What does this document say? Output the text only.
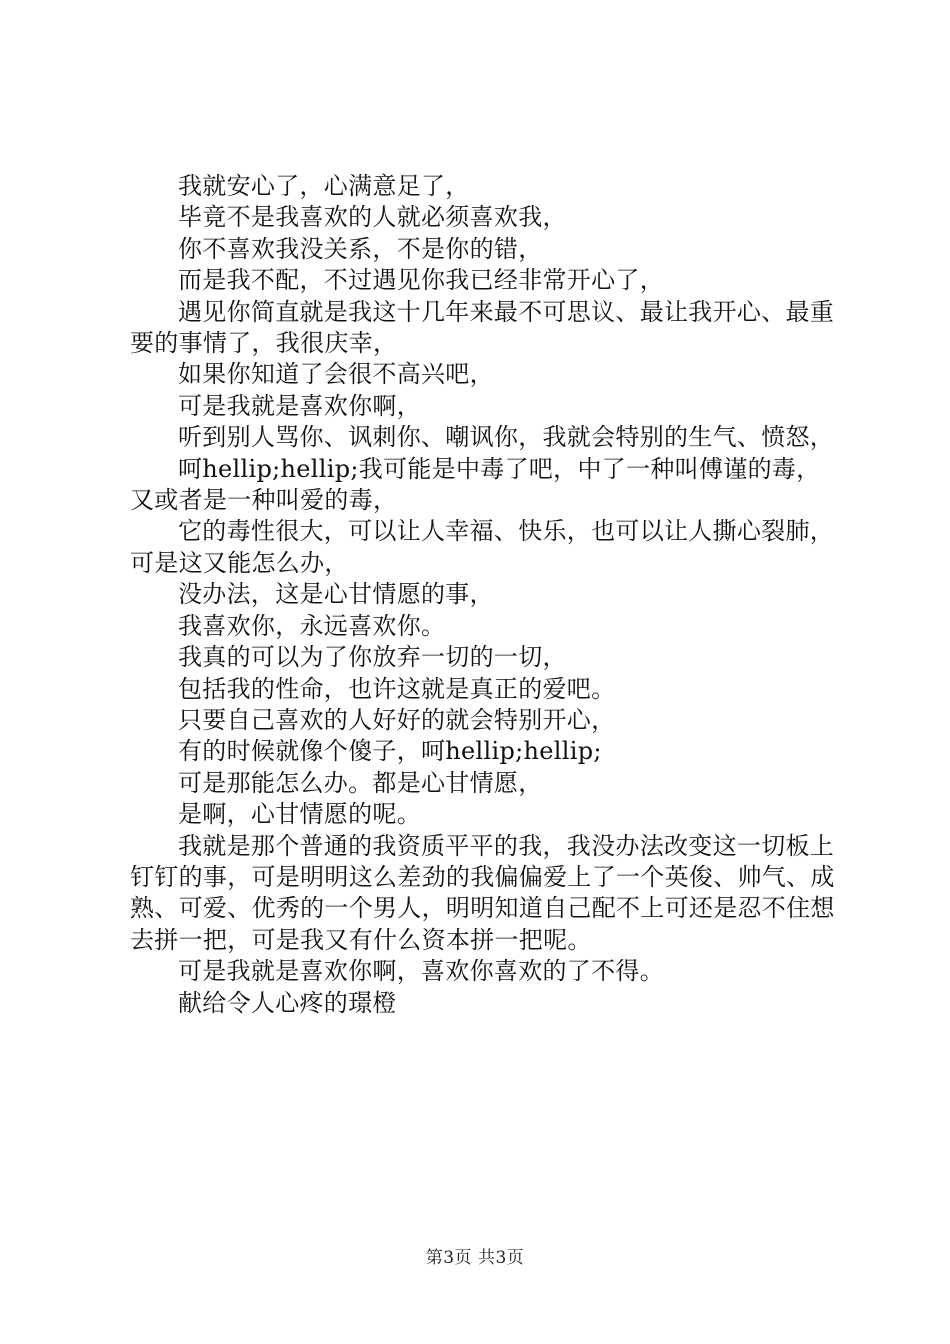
我就安心了，心满意足了，

毕竟不是我喜欢的人就必须喜欢我，

你不喜欢我没关系，不是你的错，

而是我不配，不过遇见你我已经非常开心了，

遇见你简直就是我这十几年来最不可思议、最让我开心、最重要的事情了，我很庆幸，

如果你知道了会很不高兴吧，

可是我就是喜欢你啊，

听到别人骂你、讽刺你、嘲讽你，我就会特别的生气、愤怒，

呵hellip;hellip;我可能是中毒了吧，中了一种叫傅谨的毒，又或者是一种叫爱的毒，

它的毒性很大，可以让人幸福、快乐，也可以让人撕心裂肺，可是这又能怎么办，

没办法，这是心甘情愿的事，

我喜欢你，永远喜欢你。

我真的可以为了你放弃一切的一切，

包括我的性命，也许这就是真正的爱吧。

只要自己喜欢的人好好的就会特别开心，

有的时候就像个傻子，呵hellip;hellip;

可是那能怎么办。都是心甘情愿，

是啊，心甘情愿的呢。

我就是那个普通的我资质平平的我，我没办法改变这一切板上钉钉的事，可是明明这么差劲的我偏偏爱上了一个英俊、帅气、成熟、可爱、优秀的一个男人，明明知道自己配不上可还是忍不住想去拼一把，可是我又有什么资本拼一把呢。

可是我就是喜欢你啊，喜欢你喜欢的了不得。

献给令人心疼的璟橙

第3页 共3页
